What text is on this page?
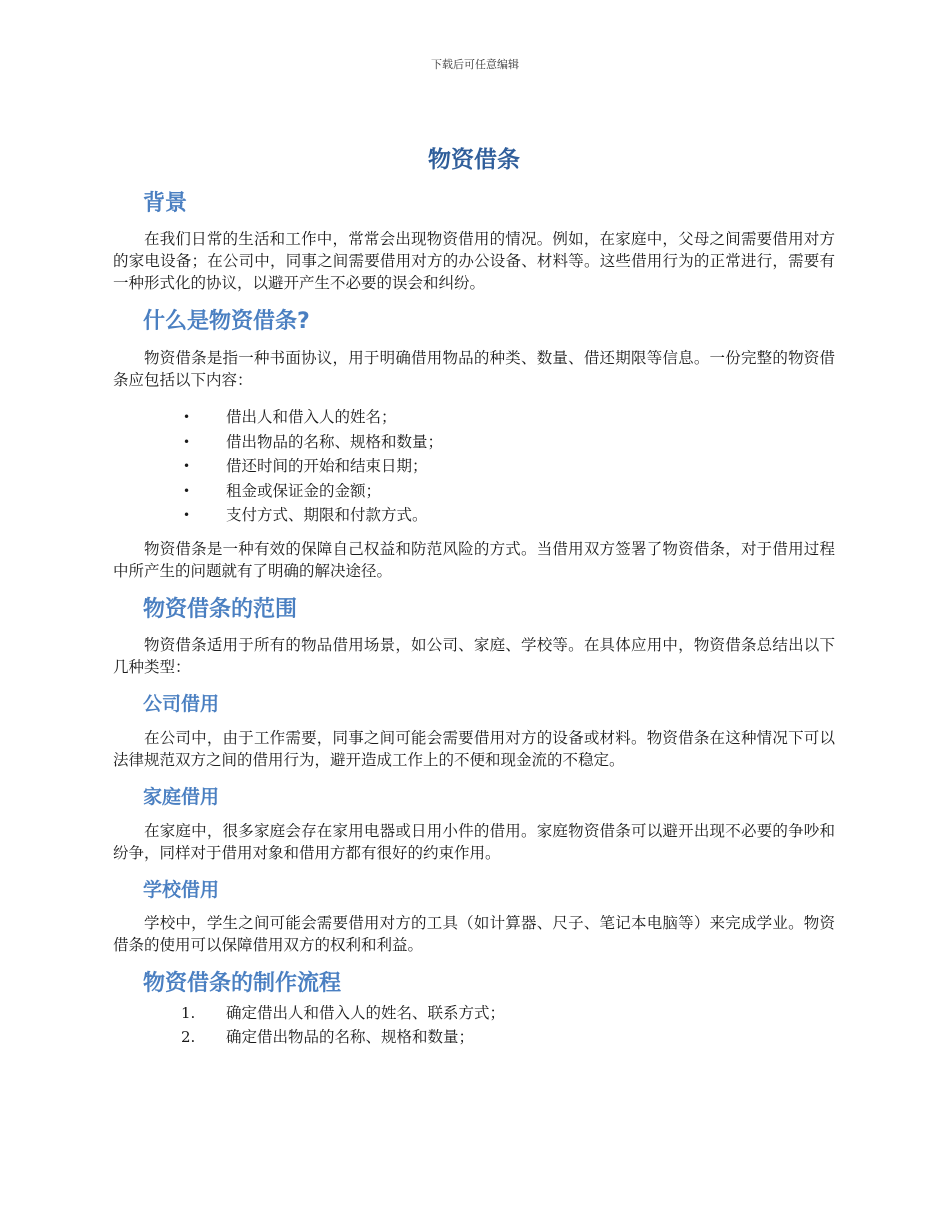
下载后可任意编辑
物资借条
背景

在我们日常的生活和工作中，常常会出现物资借用的情况。例如，在家庭中，父母之间需要借用对方的家电设备；在公司中，同事之间需要借用对方的办公设备、材料等。这些借用行为的正常进行，需要有一种形式化的协议，以避开产生不必要的误会和纠纷。

什么是物资借条?

物资借条是指一种书面协议，用于明确借用物品的种类、数量、借还期限等信息。一份完整的物资借条应包括以下内容：

• 借出人和借入人的姓名；
• 借出物品的名称、规格和数量；
• 借还时间的开始和结束日期；
• 租金或保证金的金额；
• 支付方式、期限和付款方式。

物资借条是一种有效的保障自己权益和防范风险的方式。当借用双方签署了物资借条，对于借用过程中所产生的问题就有了明确的解决途径。

物资借条的范围

物资借条适用于所有的物品借用场景，如公司、家庭、学校等。在具体应用中，物资借条总结出以下几种类型：

公司借用

在公司中，由于工作需要，同事之间可能会需要借用对方的设备或材料。物资借条在这种情况下可以法律规范双方之间的借用行为，避开造成工作上的不便和现金流的不稳定。

家庭借用

在家庭中，很多家庭会存在家用电器或日用小件的借用。家庭物资借条可以避开出现不必要的争吵和纷争，同样对于借用对象和借用方都有很好的约束作用。

学校借用

学校中，学生之间可能会需要借用对方的工具（如计算器、尺子、笔记本电脑等）来完成学业。物资借条的使用可以保障借用双方的权利和利益。

物资借条的制作流程
1. 确定借出人和借入人的姓名、联系方式；
2. 确定借出物品的名称、规格和数量；
